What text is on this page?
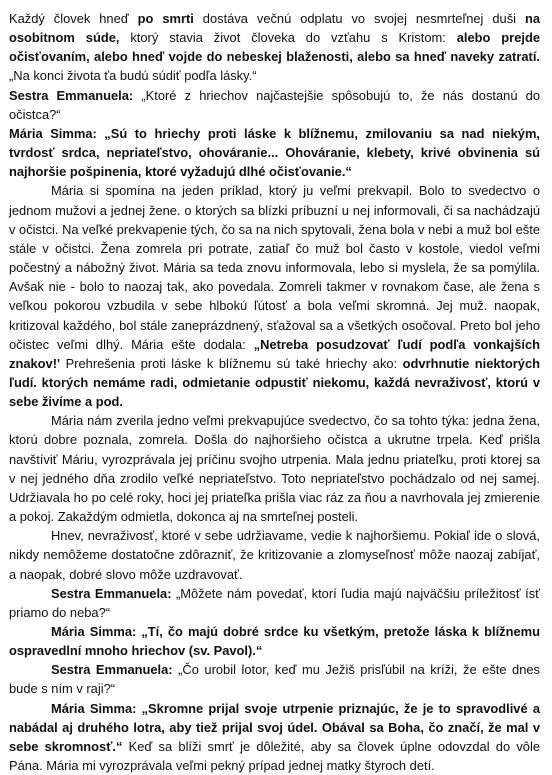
Každý človek hneď po smrti dostáva večnú odplatu vo svojej nesmrteľnej duši na osobitnom súde, ktorý stavia život človeka do vzťahu s Kristom: alebo prejde očisťovaním, alebo hneď vojde do nebeskej blaženosti, alebo sa hneď naveky zatratí. „Na konci života ťa budú súdiť podľa lásky.“

Sestra Emmanuela: „Ktoré z hriechov najčastejšie spôsobujú to, že nás dostanú do očistca?“

Mária Simma: „Sú to hriechy proti láske k blížnemu, zmilovaniu sa nad niekým, tvrdosť srdca, nepriateľstvo, ohováranie... Ohováranie, klebety, krivé obvinenia sú najhoršie pošpinenia, ktoré vyžadujú dlhé očisťovanie.“

Mária si spomína na jeden príklad, ktorý ju veľmi prekvapil. Bolo to svedectvo o jednom mužovi a jednej žene. o ktorých sa blízki príbuzní u nej informovali, či sa nachádzajú v očistci. Na veľké prekvapenie tých, čo sa na nich spytovali, žena bola v nebi a muž bol ešte stále v očistci. Žena zomrela pri potrate, zatiaľ čo muž bol často v kostole, viedol veľmi počestný a nábožný život. Mária sa teda znovu informovala, lebo si myslela, že sa pomýlila. Avšak nie - bolo to naozaj tak, ako povedala. Zomreli takmer v rovnakom čase, ale žena s veľkou pokorou vzbudila v sebe hlbokú ľútosť a bola veľmi skromná. Jej muž. naopak, kritizoval každého, bol stále zaneprázdnený, sťažoval sa a všetkých osočoval. Preto bol jeho očistec veľmi dlhý. Mária ešte dodala: „Netreba posudzovať ľudí podľa vonkajších znakov!' Prehrešenia proti láske k blížnemu sú také hriechy ako: odvrhnutie niektorých ľudí. ktorých nemáme radi, odmietanie odpustiť niekomu, každá nevraživosť, ktorú v sebe živíme a pod.

Mária nám zverila jedno veľmi prekvapujúce svedectvo, čo sa tohto týka: jedna žena, ktorú dobre poznala, zomrela. Došla do najhoršieho očistca a ukrutne trpela. Keď prišla navštíviť Máriu, vyrozprávala jej príčinu svojho utrpenia. Mala jednu priateľku, proti ktorej sa v nej jedného dňa zrodilo veľké nepriateľstvo. Toto nepriateľstvo pochádzalo od nej samej. Udržiavala ho po celé roky, hoci jej priateľka prišla viac ráz za ňou a navrhovala jej zmierenie a pokoj. Zakaždým odmietla, dokonca aj na smrteľnej posteli.

Hnev, nevraživosť, ktoré v sebe udržiavame, vedie k najhoršiemu. Pokiaľ ide o slová, nikdy nemôžeme dostatočne zdôrazniť, že kritizovanie a zlomyseľnosť môže naozaj zabíjať, a naopak, dobré slovo môže uzdravovať.

Sestra Emmanuela: „Môžete nám povedať, ktorí ľudia majú najväčšiu príležitosť ísť priamo do neba?“

Mária Simma: „Tí, čo majú dobré srdce ku všetkým, pretože láska k blížnemu ospravedlní mnoho hriechov (sv. Pavol).“

Sestra Emmanuela: „Čo urobil lotor, keď mu Ježiš prisľúbil na kríži, že ešte dnes bude s ním v raji?“

Mária Simma: „Skromne prijal svoje utrpenie priznajúc, že je to spravodlivé a nabádal aj druhého lotra, aby tiež prijal svoj údel. Obával sa Boha, čo značí, že mal v sebe skromnosť.“ Keď sa blíži smrť je dôležité, aby sa človek úplne odovzdal do vôle Pána. Mária mi vyrozprávala veľmi pekný prípad jednej matky štyroch detí.
